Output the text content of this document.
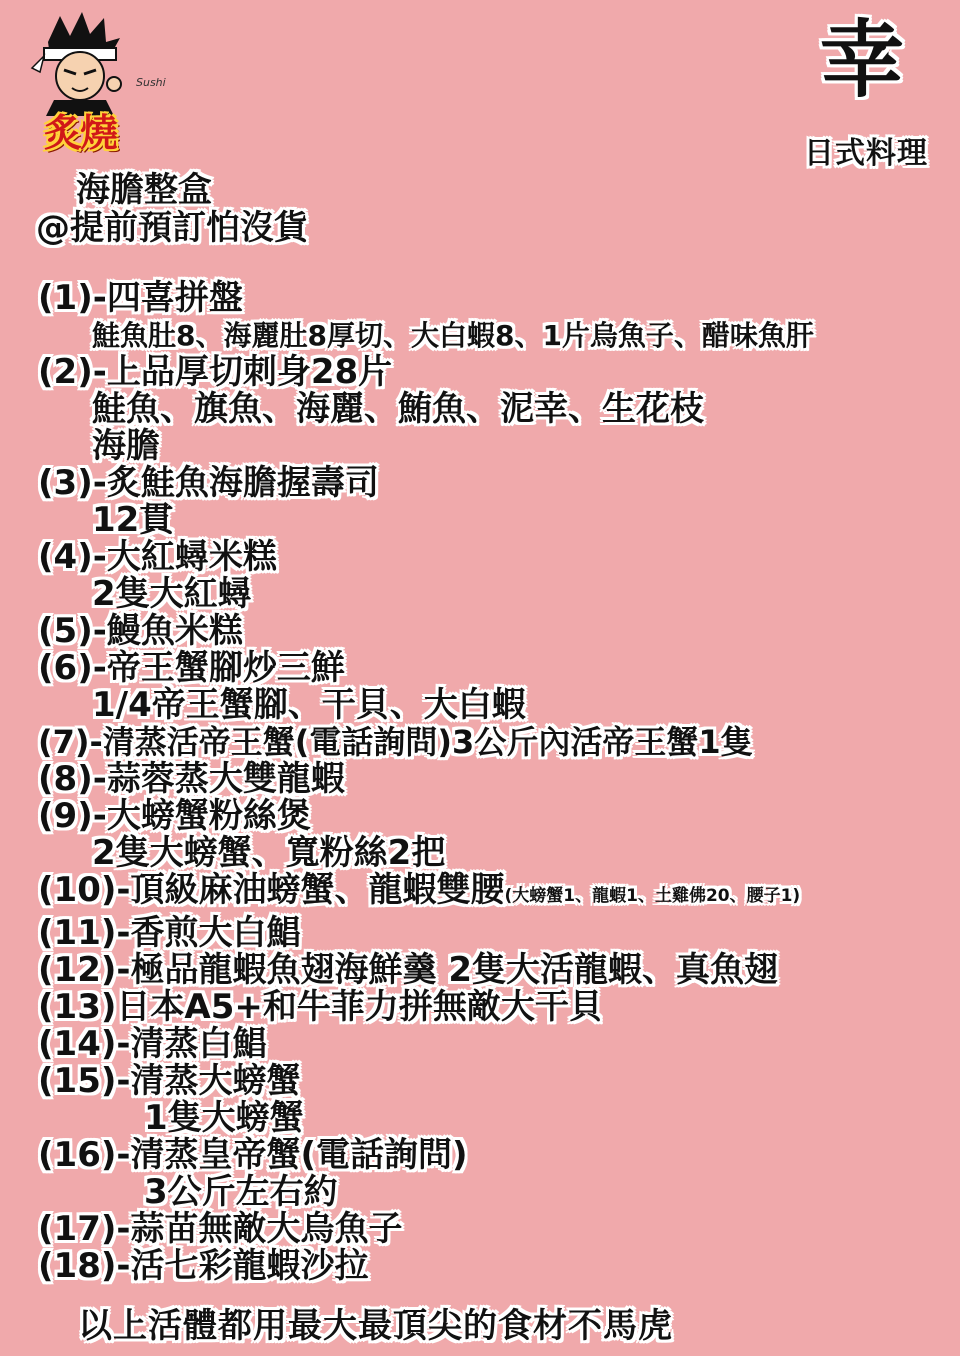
Sushi
炙燒
幸
日式料理
海膽整盒
@提前預訂怕沒貨
(1)-四喜拼盤
鮭魚肚8、海麗肚8厚切、大白蝦8、1片烏魚子、醋味魚肝
(2)-上品厚切刺身28片
鮭魚、旗魚、海麗、鮪魚、泥幸、生花枝
海膽
(3)-炙鮭魚海膽握壽司
12貫
(4)-大紅蟳米糕
2隻大紅蟳
(5)-鰻魚米糕
(6)-帝王蟹腳炒三鮮
1/4帝王蟹腳、干貝、大白蝦
(7)-清蒸活帝王蟹(電話詢問)3公斤內活帝王蟹1隻
(8)-蒜蓉蒸大雙龍蝦
(9)-大螃蟹粉絲煲
2隻大螃蟹、寬粉絲2把
(10)-頂級麻油螃蟹、龍蝦雙腰(大螃蟹1、龍蝦1、土雞佛20、腰子1)
(11)-香煎大白鯧
(12)-極品龍蝦魚翅海鮮羹 2隻大活龍蝦、真魚翅
(13)日本A5+和牛菲力拼無敵大干貝
(14)-清蒸白鯧
(15)-清蒸大螃蟹
1隻大螃蟹
(16)-清蒸皇帝蟹(電話詢問)
3公斤左右約
(17)-蒜苗無敵大烏魚子
(18)-活七彩龍蝦沙拉
以上活體都用最大最頂尖的食材不馬虎
